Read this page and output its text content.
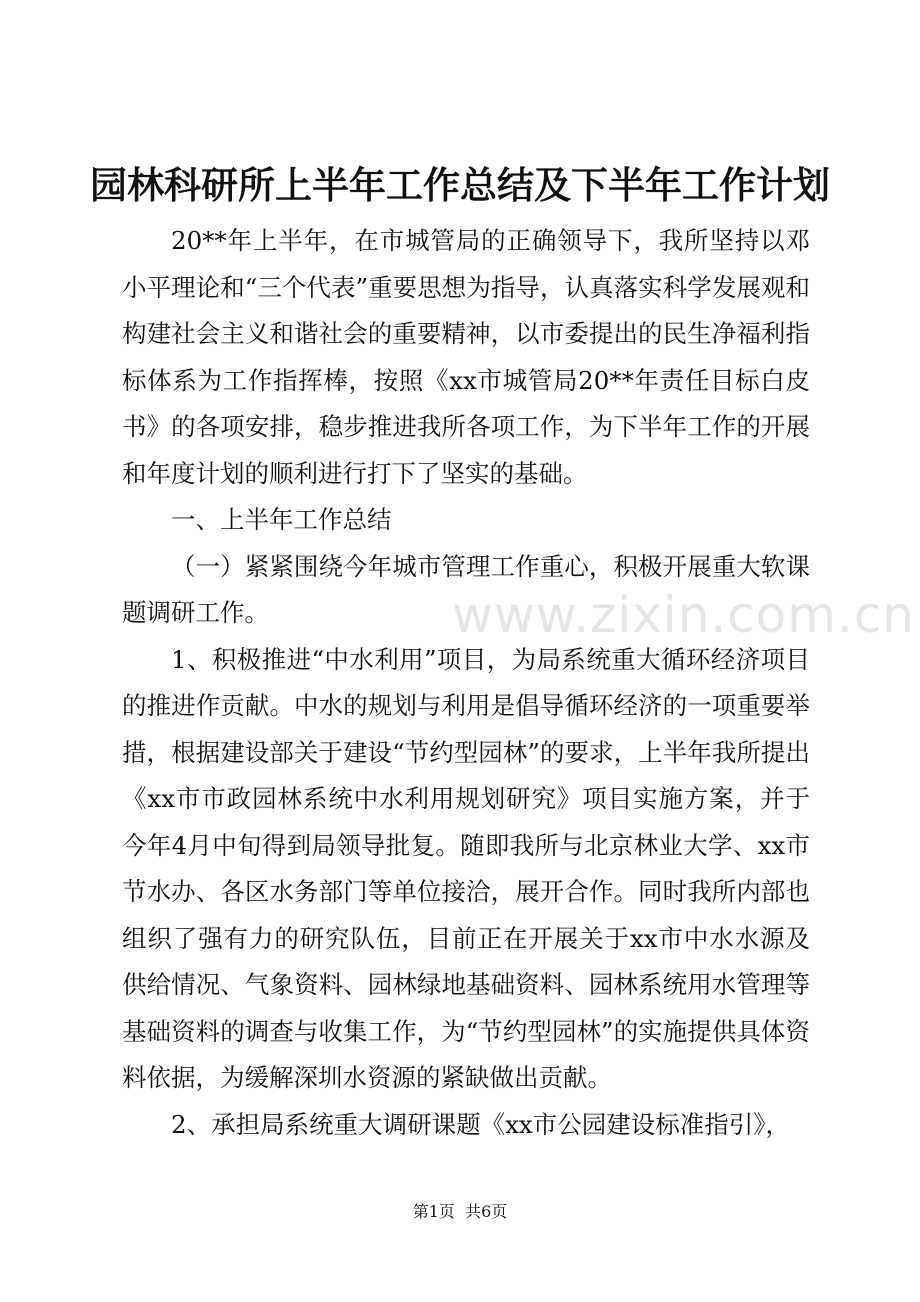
园林科研所上半年工作总结及下半年工作计划

20**年上半年，在市城管局的正确领导下，我所坚持以邓小平理论和“三个代表”重要思想为指导，认真落实科学发展观和构建社会主义和谐社会的重要精神，以市委提出的民生净福利指标体系为工作指挥棒，按照《xx市城管局20**年责任目标白皮书》的各项安排，稳步推进我所各项工作，为下半年工作的开展和年度计划的顺利进行打下了坚实的基础。

一、上半年工作总结

（一）紧紧围绕今年城市管理工作重心，积极开展重大软课题调研工作。

1、积极推进“中水利用”项目，为局系统重大循环经济项目的推进作贡献。中水的规划与利用是倡导循环经济的一项重要举措，根据建设部关于建设“节约型园林”的要求，上半年我所提出《xx市市政园林系统中水利用规划研究》项目实施方案，并于今年4月中旬得到局领导批复。随即我所与北京林业大学、xx市节水办、各区水务部门等单位接洽，展开合作。同时我所内部也组织了强有力的研究队伍，目前正在开展关于xx市中水水源及供给情况、气象资料、园林绿地基础资料、园林系统用水管理等基础资料的调查与收集工作，为“节约型园林”的实施提供具体资料依据，为缓解深圳水资源的紧缺做出贡献。

2、承担局系统重大调研课题《xx市公园建设标准指引》，

www.zixin.com.cn
第1页 共6页
